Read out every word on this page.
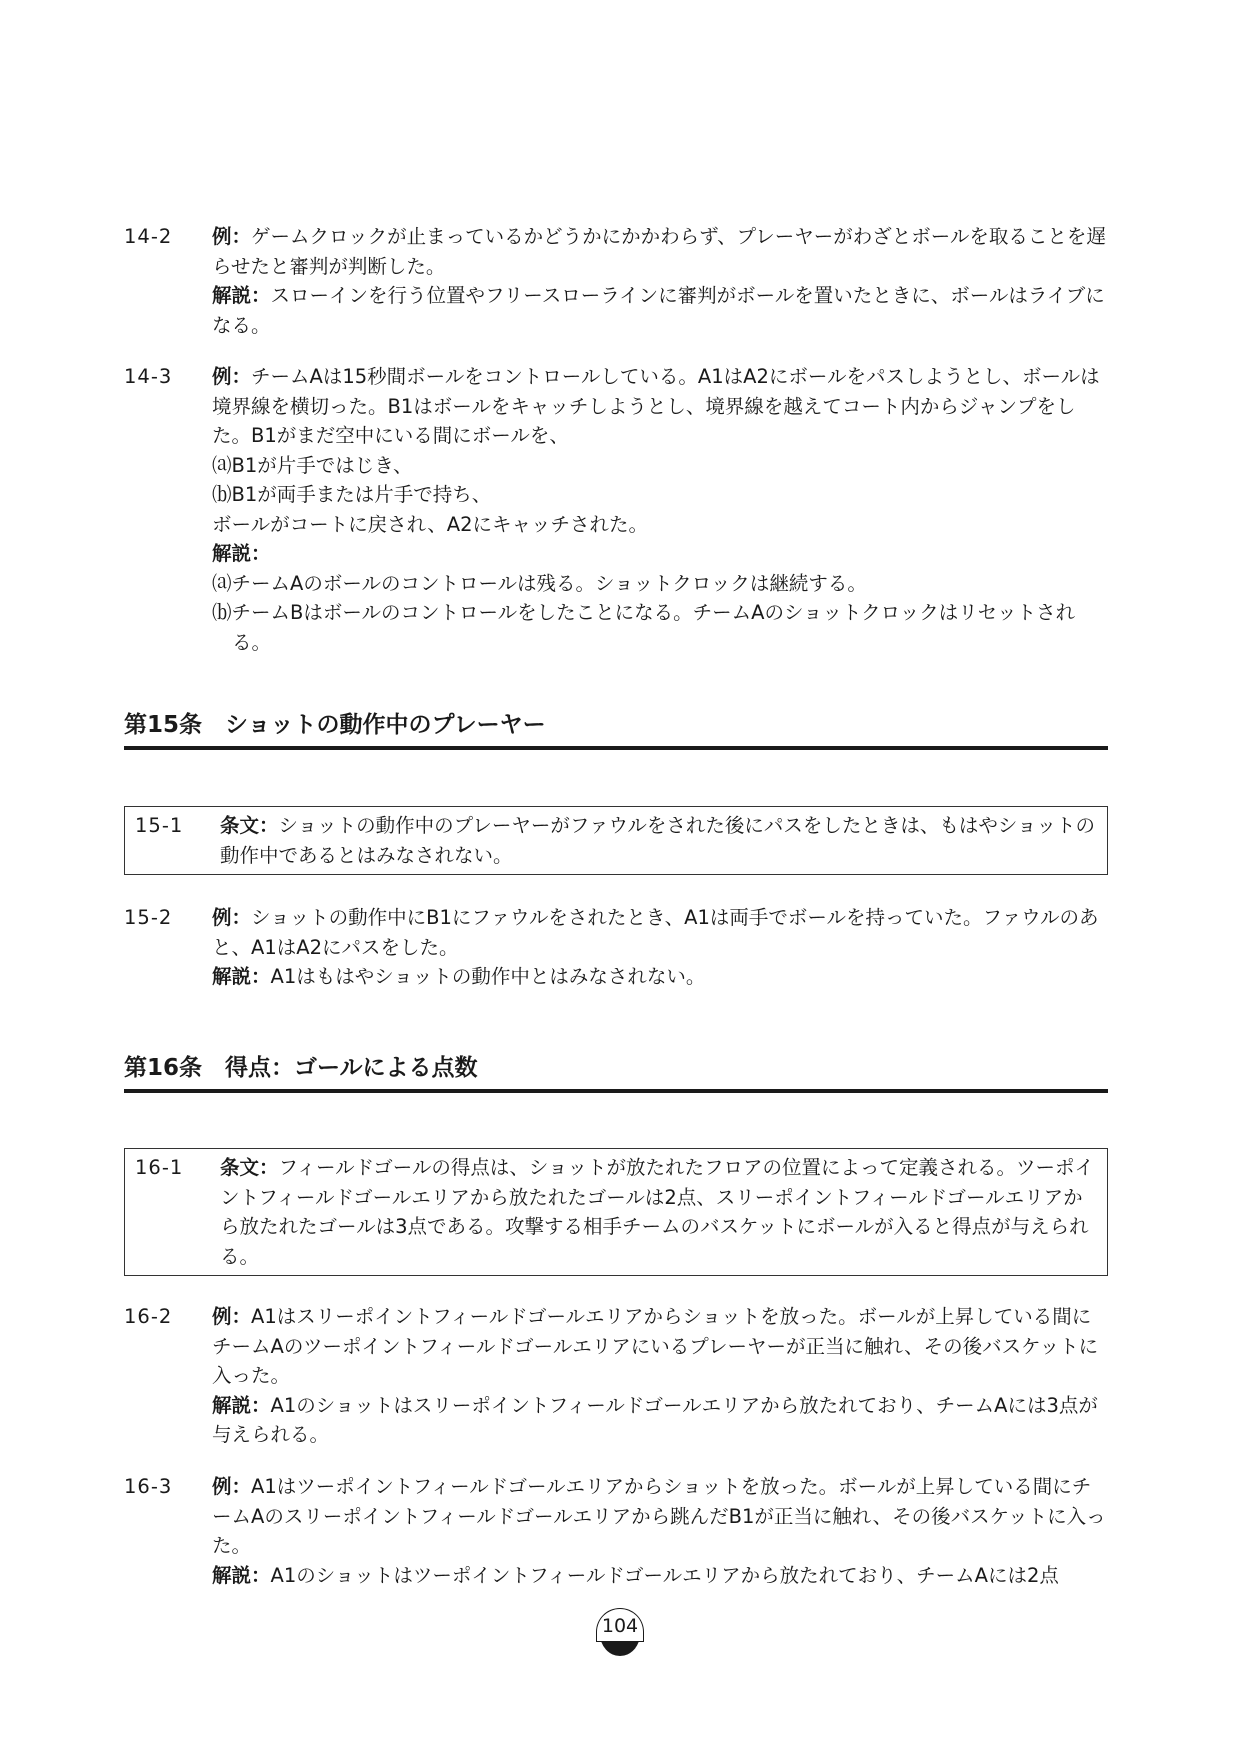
14-2 例：ゲームクロックが止まっているかどうかにかかわらず、プレーヤーがわざとボールを取ることを遅らせたと審判が判断した。

解説：スローインを行う位置やフリースローラインに審判がボールを置いたときに、ボールはライブになる。

14-3 例：チームAは15秒間ボールをコントロールしている。A1はA2にボールをパスしようとし、ボールは境界線を横切った。B1はボールをキャッチしようとし、境界線を越えてコート内からジャンプをした。B1がまだ空中にいる間にボールを、

⒜B1が片手ではじき、

⒝B1が両手または片手で持ち、

ボールがコートに戻され、A2にキャッチされた。

解説：

⒜チームAのボールのコントロールは残る。ショットクロックは継続する。

⒝チームBはボールのコントロールをしたことになる。チームAのショットクロックはリセットされる。

第15条　ショットの動作中のプレーヤー
15-1 条文：ショットの動作中のプレーヤーがファウルをされた後にパスをしたときは、もはやショットの動作中であるとはみなされない。
15-2 例：ショットの動作中にB1にファウルをされたとき、A1は両手でボールを持っていた。ファウルのあと、A1はA2にパスをした。

解説：A1はもはやショットの動作中とはみなされない。

第16条　得点：ゴールによる点数
16-1 条文：フィールドゴールの得点は、ショットが放たれたフロアの位置によって定義される。ツーポイントフィールドゴールエリアから放たれたゴールは2点、スリーポイントフィールドゴールエリアから放たれたゴールは3点である。攻撃する相手チームのバスケットにボールが入ると得点が与えられる。
16-2 例：A1はスリーポイントフィールドゴールエリアからショットを放った。ボールが上昇している間にチームAのツーポイントフィールドゴールエリアにいるプレーヤーが正当に触れ、その後バスケットに入った。

解説：A1のショットはスリーポイントフィールドゴールエリアから放たれており、チームAには3点が与えられる。

16-3 例：A1はツーポイントフィールドゴールエリアからショットを放った。ボールが上昇している間にチームAのスリーポイントフィールドゴールエリアから跳んだB1が正当に触れ、その後バスケットに入った。

解説：A1のショットはツーポイントフィールドゴールエリアから放たれており、チームAには2点

104
